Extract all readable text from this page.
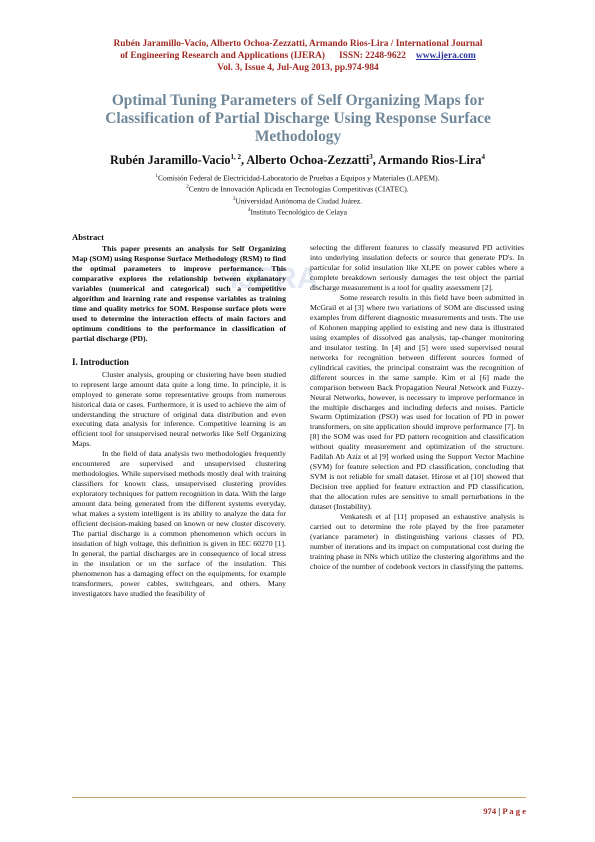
Rubén Jaramillo-Vacio, Alberto Ochoa-Zezzatti, Armando Rios-Lira / International Journal
of Engineering Research and Applications (IJERA) ISSN: 2248-9622 www.ijera.com
Vol. 3, Issue 4, Jul-Aug 2013, pp.974-984
Optimal Tuning Parameters of Self Organizing Maps for Classification of Partial Discharge Using Response Surface Methodology
Rubén Jaramillo-Vacio$^{1, 2}$, Alberto Ochoa-Zezzatti$^3$, Armando Rios-Lira$^4$
$^1$Comisión Federal de Electricidad-Laboratorio de Pruebas a Equipos y Materiales (LAPEM).
$^2$Centro de Innovación Aplicada en Tecnologías Competitivas (CIATEC).
$^3$Universidad Autónoma de Ciudad Juárez.
$^4$Instituto Tecnológico de Celaya
IJERA
Abstract

This paper presents an analysis for Self Organizing Map (SOM) using Response Surface Methodology (RSM) to find the optimal parameters to improve performance. This comparative explores the relationship between explanatory variables (numerical and categorical) such a competitive algorithm and learning rate and response variables as training time and quality metrics for SOM. Response surface plots were used to determine the interaction effects of main factors and optimum conditions to the performance in classification of partial discharge (PD).

I. Introduction

Cluster analysis, grouping or clustering have been studied to represent large amount data quite a long time. In principle, it is employed to generate some representative groups from numerous historical data or cases. Furthermore, it is used to achieve the aim of understanding the structure of original data distribution and even executing data analysis for inference. Competitive learning is an efficient tool for unsupervised neural networks like Self Organizing Maps.

In the field of data analysis two methodologies frequently encountered are supervised and unsupervised clustering methodologies. While supervised methods mostly deal with training classifiers for known class, unsupervised clustering provides exploratory techniques for pattern recognition in data. With the large amount data being generated from the different systems everyday, what makes a system intelligent is its ability to analyze the data for efficient decision-making based on known or new cluster discovery. The partial discharge is a common phenomenon which occurs in insulation of high voltage, this definition is given in IEC 60270 [1]. In general, the partial discharges are in consequence of local stress in the insulation or on the surface of the insulation. This phenomenon has a damaging effect on the equipments, for example transformers, power cables, switchgears, and others. Many investigators have studied the feasibility of

selecting the different features to classify measured PD activities into underlying insulation defects or source that generate PD's. In particular for solid insulation like XLPE on power cables where a complete breakdown seriously damages the test object the partial discharge measurement is a tool for quality assessment [2].

Some research results in this field have been submitted in McGrail et al [3] where two variations of SOM are discussed using examples from different diagnostic measurements and tests. The use of Kohonen mapping applied to existing and new data is illustrated using examples of dissolved gas analysis, tap-changer monitoring and insulator testing. In [4] and [5] were used supervised neural networks for recognition between different sources formed of cylindrical cavities, the principal constraint was the recognition of different sources in the same sample. Kim et al [6] made the comparison between Back Propagation Neural Network and Fuzzy-Neural Networks, however, is necessary to improve performance in the multiple discharges and including defects and noises. Particle Swarm Optimization (PSO) was used for location of PD in power transformers, on site application should improve performance [7]. In [8] the SOM was used for PD pattern recognition and classification without quality measurement and optimization of the structure. Fadilah Ab Aziz et al [9] worked using the Support Vector Machine (SVM) for feature selection and PD classification, concluding that SVM is not reliable for small dataset. Hirose et al [10] showed that Decision tree applied for feature extraction and PD classification, that the allocation rules are sensitive to small perturbations in the dataset (Instability).

Venkatesh et al [11] proposed an exhaustive analysis is carried out to determine the role played by the free parameter (variance parameter) in distinguishing various classes of PD, number of iterations and its impact on computational cost during the training phase in NNs which utilize the clustering algorithms and the choice of the number of codebook vectors in classifying the patterns.

974 | P a g e
